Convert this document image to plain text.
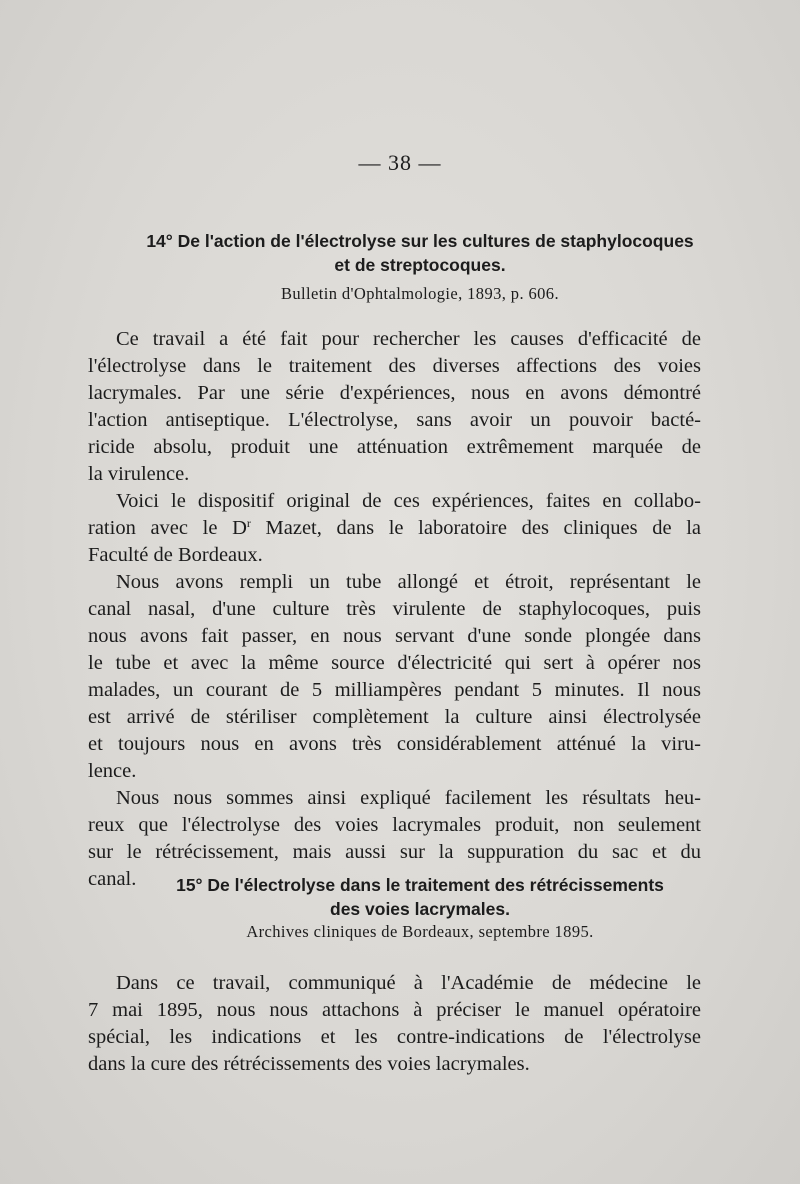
— 38 —
14° De l'action de l'électrolyse sur les cultures de staphylocoques
et de streptocoques.
Bulletin d'Ophtalmologie, 1893, p. 606.
Ce travail a été fait pour rechercher les causes d'efficacité de
l'électrolyse dans le traitement des diverses affections des voies
lacrymales. Par une série d'expériences, nous en avons démontré
l'action antiseptique. L'électrolyse, sans avoir un pouvoir bacté-
ricide absolu, produit une atténuation extrêmement marquée de
la virulence.
Voici le dispositif original de ces expériences, faites en collabo-
ration avec le $D^r$ Mazet, dans le laboratoire des cliniques de la
Faculté de Bordeaux.
Nous avons rempli un tube allongé et étroit, représentant le
canal nasal, d'une culture très virulente de staphylocoques, puis
nous avons fait passer, en nous servant d'une sonde plongée dans
le tube et avec la même source d'électricité qui sert à opérer nos
malades, un courant de 5 milliampères pendant 5 minutes. Il nous
est arrivé de stériliser complètement la culture ainsi électrolysée
et toujours nous en avons très considérablement atténué la viru-
lence.
Nous nous sommes ainsi expliqué facilement les résultats heu-
reux que l'électrolyse des voies lacrymales produit, non seulement
sur le rétrécissement, mais aussi sur la suppuration du sac et du
canal.	15° De l'électrolyse dans le traitement des rétrécissements
des voies lacrymales.
Archives cliniques de Bordeaux, septembre 1895.
Dans ce travail, communiqué à l'Académie de médecine le
7 mai 1895, nous nous attachons à préciser le manuel opératoire
spécial, les indications et les contre-indications de l'électrolyse
dans la cure des rétrécissements des voies lacrymales.
